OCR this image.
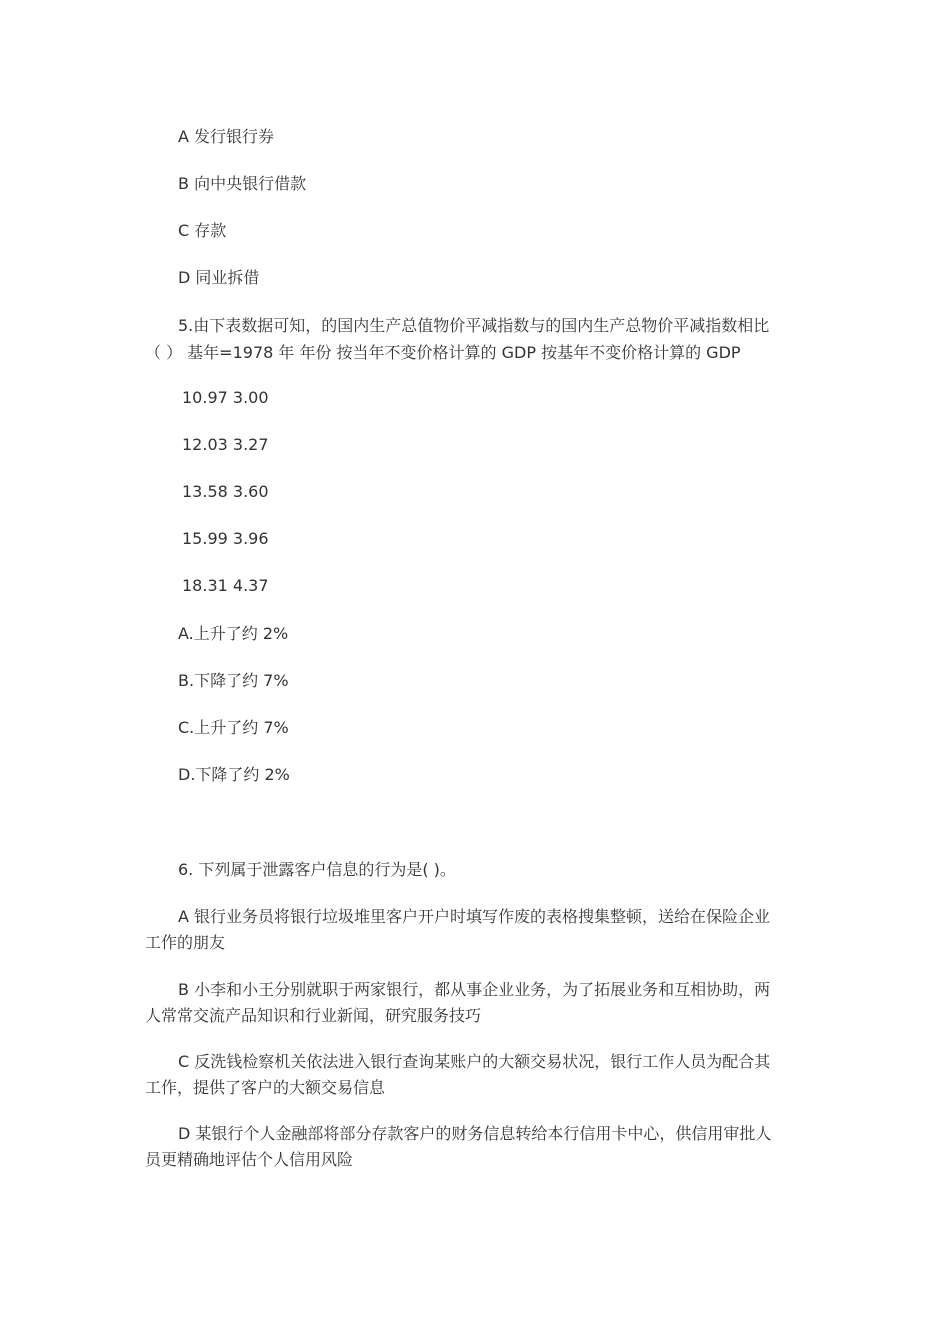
A 发行银行券
B 向中央银行借款
C 存款
D 同业拆借
5.由下表数据可知，的国内生产总值物价平减指数与的国内生产总物价平减指数相比
（ ） 基年=1978 年 年份 按当年不变价格计算的 GDP 按基年不变价格计算的 GDP
10.97 3.00
12.03 3.27
13.58 3.60
15.99 3.96
18.31 4.37
A.上升了约 2%
B.下降了约 7%
C.上升了约 7%
D.下降了约 2%
6. 下列属于泄露客户信息的行为是( )。
A 银行业务员将银行垃圾堆里客户开户时填写作废的表格搜集整顿，送给在保险企业
工作的朋友
B 小李和小王分别就职于两家银行，都从事企业业务，为了拓展业务和互相协助，两
人常常交流产品知识和行业新闻，研究服务技巧
C 反洗钱检察机关依法进入银行查询某账户的大额交易状况，银行工作人员为配合其
工作，提供了客户的大额交易信息
D 某银行个人金融部将部分存款客户的财务信息转给本行信用卡中心，供信用审批人
员更精确地评估个人信用风险
